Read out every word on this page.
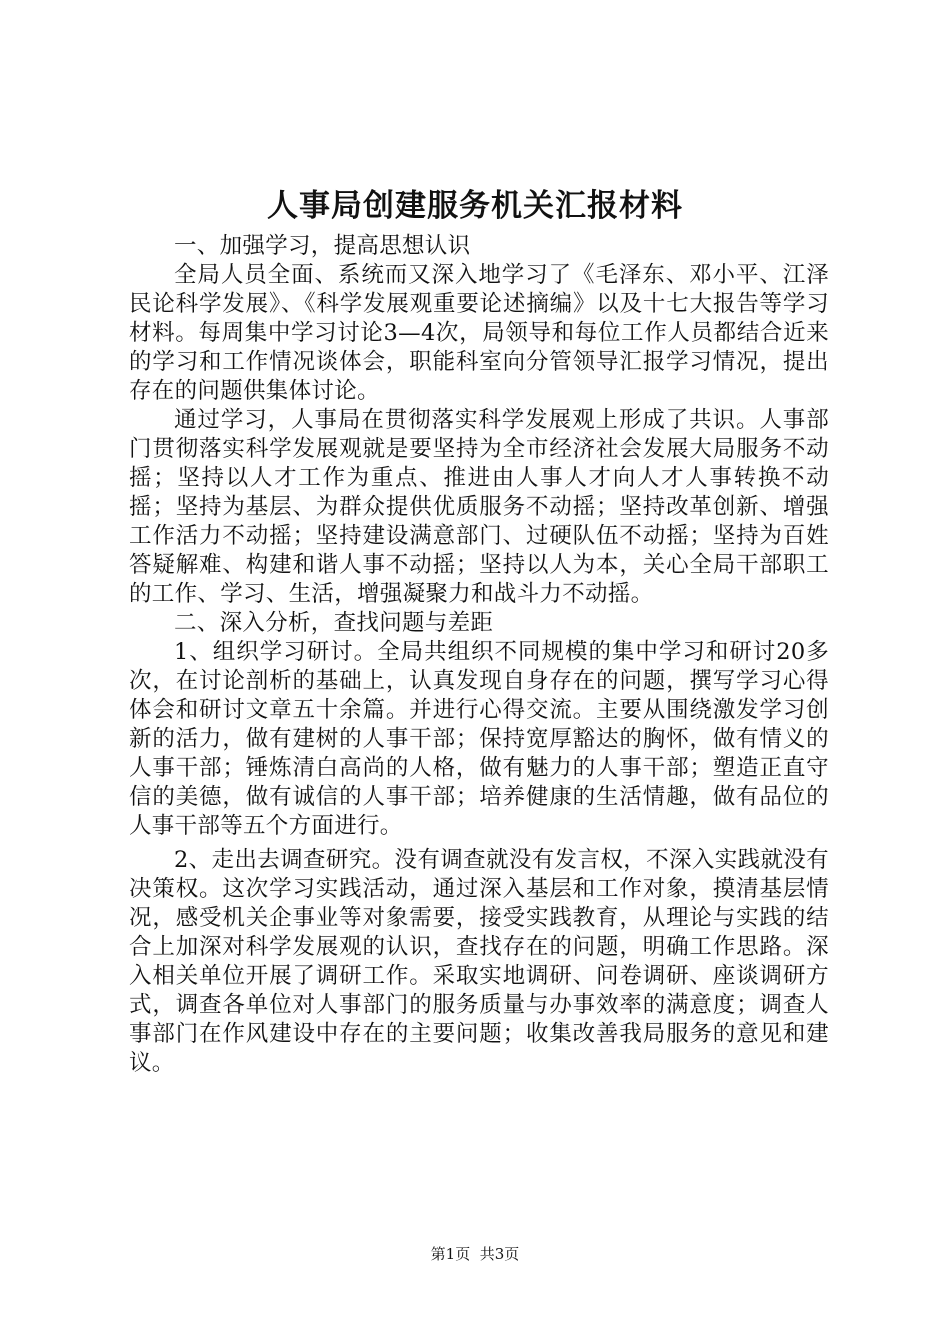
人事局创建服务机关汇报材料

一、加强学习，提高思想认识

全局人员全面、系统而又深入地学习了《毛泽东、邓小平、江泽民论科学发展》、《科学发展观重要论述摘编》以及十七大报告等学习材料。每周集中学习讨论3—4次，局领导和每位工作人员都结合近来的学习和工作情况谈体会，职能科室向分管领导汇报学习情况，提出存在的问题供集体讨论。

通过学习，人事局在贯彻落实科学发展观上形成了共识。人事部门贯彻落实科学发展观就是要坚持为全市经济社会发展大局服务不动摇；坚持以人才工作为重点、推进由人事人才向人才人事转换不动摇；坚持为基层、为群众提供优质服务不动摇；坚持改革创新、增强工作活力不动摇；坚持建设满意部门、过硬队伍不动摇；坚持为百姓答疑解难、构建和谐人事不动摇；坚持以人为本，关心全局干部职工的工作、学习、生活，增强凝聚力和战斗力不动摇。

二、深入分析，查找问题与差距

1、组织学习研讨。全局共组织不同规模的集中学习和研讨20多次，在讨论剖析的基础上，认真发现自身存在的问题，撰写学习心得体会和研讨文章五十余篇。并进行心得交流。主要从围绕激发学习创新的活力，做有建树的人事干部；保持宽厚豁达的胸怀，做有情义的人事干部；锤炼清白高尚的人格，做有魅力的人事干部；塑造正直守信的美德，做有诚信的人事干部；培养健康的生活情趣，做有品位的人事干部等五个方面进行。

2、走出去调查研究。没有调查就没有发言权，不深入实践就没有决策权。这次学习实践活动，通过深入基层和工作对象，摸清基层情况，感受机关企事业等对象需要，接受实践教育，从理论与实践的结合上加深对科学发展观的认识，查找存在的问题，明确工作思路。深入相关单位开展了调研工作。采取实地调研、问卷调研、座谈调研方式，调查各单位对人事部门的服务质量与办事效率的满意度；调查人事部门在作风建设中存在的主要问题；收集改善我局服务的意见和建议。

第1页 共3页
